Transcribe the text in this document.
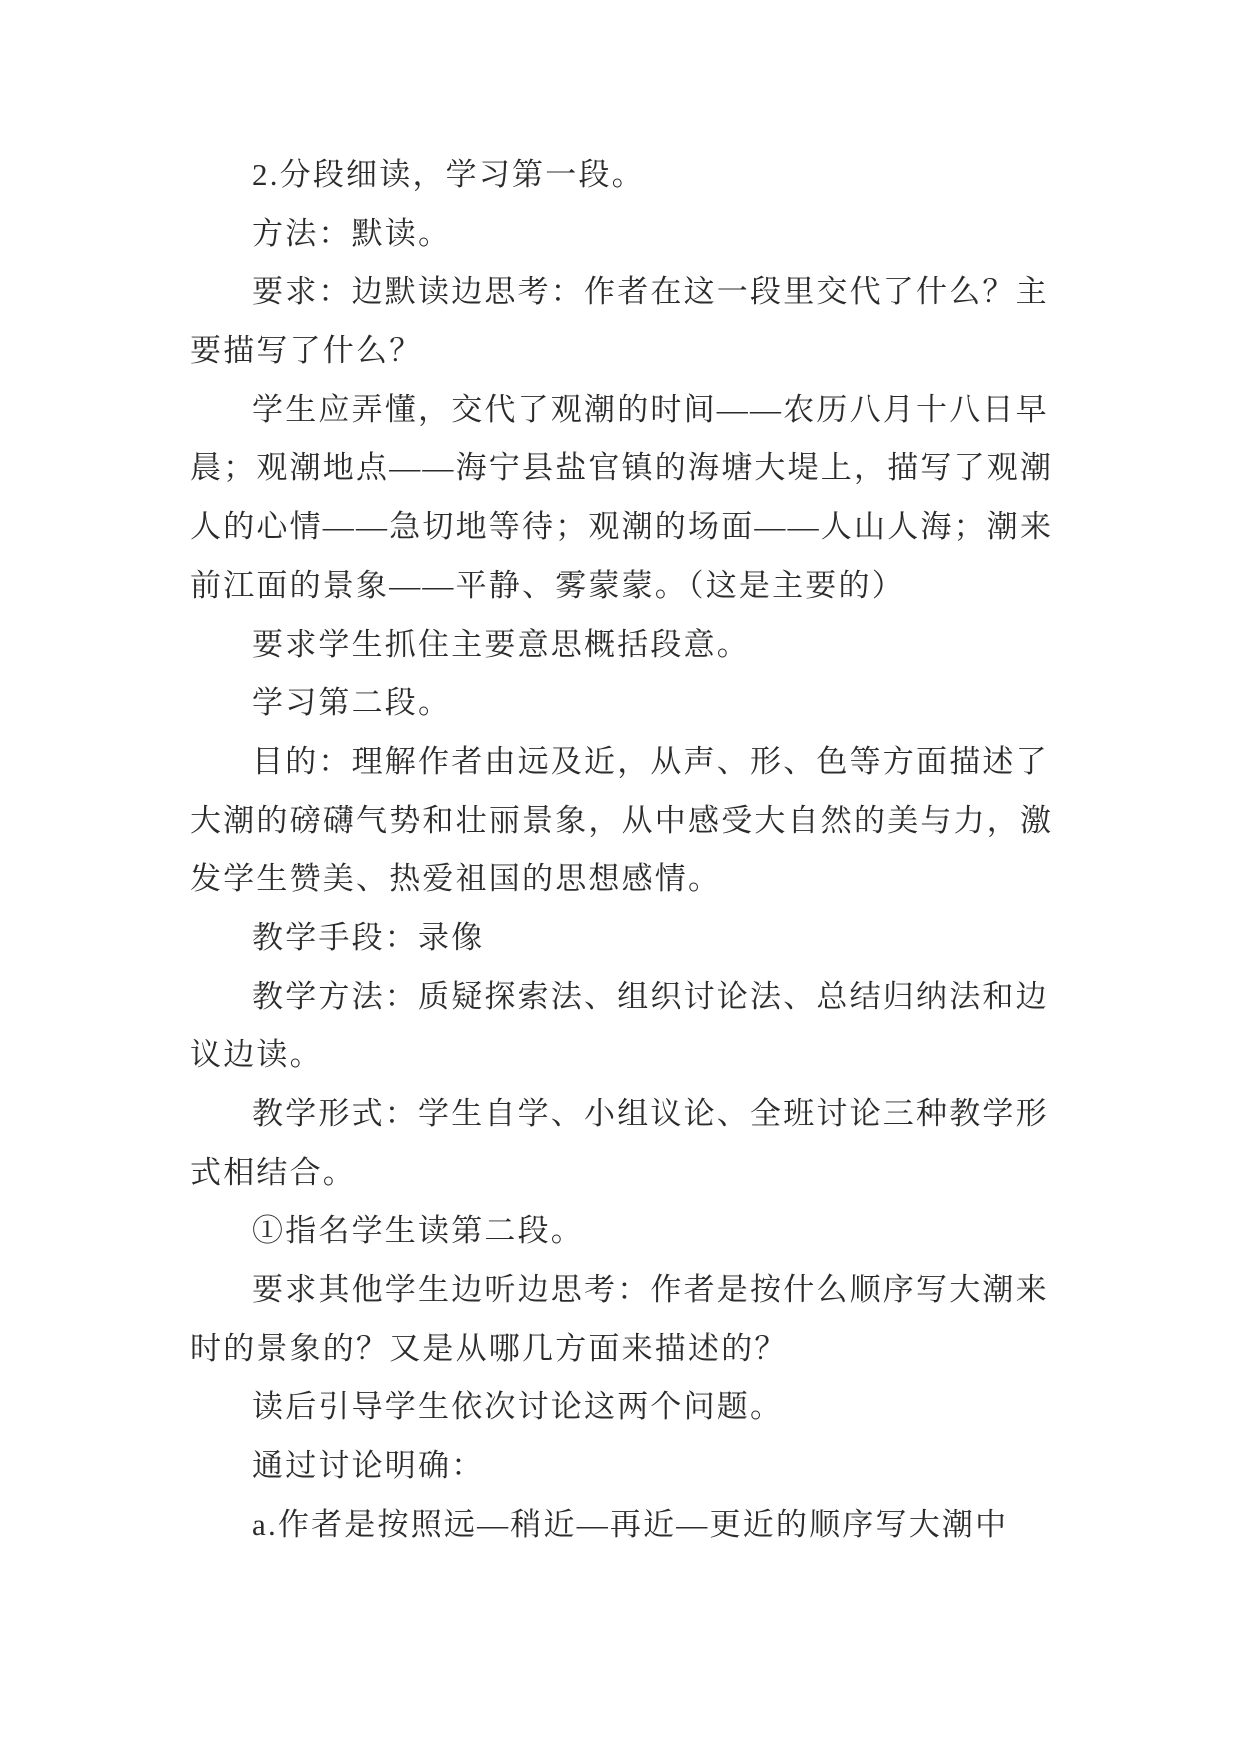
2.分段细读，学习第一段。
方法：默读。
要求：边默读边思考：作者在这一段里交代了什么？主
要描写了什么？
学生应弄懂，交代了观潮的时间——农历八月十八日早
晨；观潮地点——海宁县盐官镇的海塘大堤上，描写了观潮
人的心情——急切地等待；观潮的场面——人山人海；潮来
前江面的景象——平静、雾蒙蒙。（这是主要的）
要求学生抓住主要意思概括段意。
学习第二段。
目的：理解作者由远及近，从声、形、色等方面描述了
大潮的磅礴气势和壮丽景象，从中感受大自然的美与力，激
发学生赞美、热爱祖国的思想感情。
教学手段：录像
教学方法：质疑探索法、组织讨论法、总结归纳法和边
议边读。
教学形式：学生自学、小组议论、全班讨论三种教学形
式相结合。
①指名学生读第二段。
要求其他学生边听边思考：作者是按什么顺序写大潮来
时的景象的？又是从哪几方面来描述的？
读后引导学生依次讨论这两个问题。
通过讨论明确：
a.作者是按照远—稍近—再近—更近的顺序写大潮中
